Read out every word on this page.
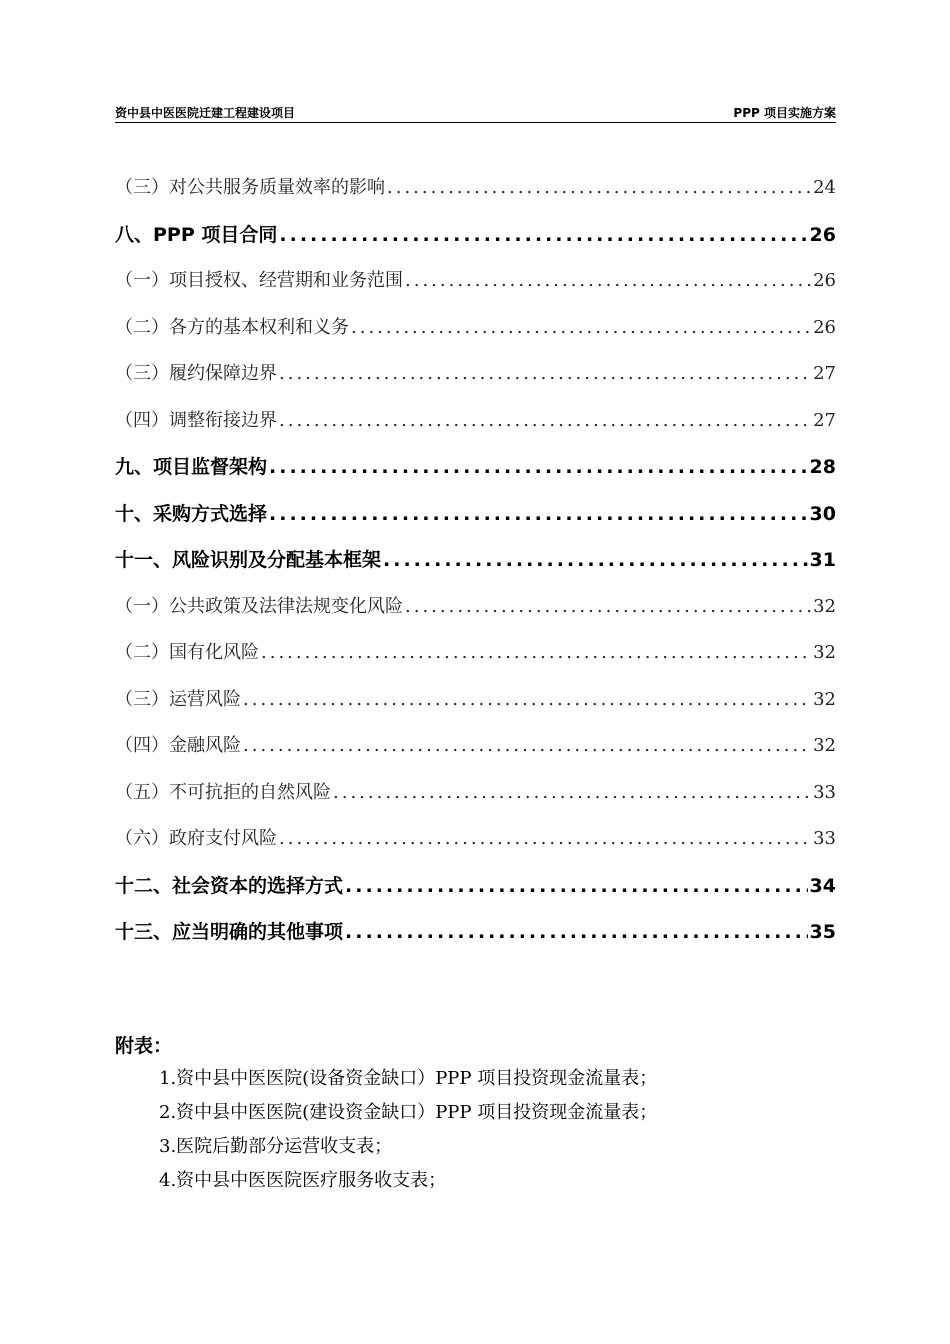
资中县中医医院迁建工程建设项目	PPP 项目实施方案
（三）对公共服务质量效率的影响 .....	24
八、PPP 项目合同 .....	26
（一）项目授权、经营期和业务范围 .....	26
（二）各方的基本权利和义务 .....	26
（三）履约保障边界 .....	27
（四）调整衔接边界 .....	27
九、项目监督架构 .....	28
十、采购方式选择 .....	30
十一、风险识别及分配基本框架 .....	31
（一）公共政策及法律法规变化风险 .....	32
（二）国有化风险 .....	32
（三）运营风险 .....	32
（四）金融风险 .....	32
（五）不可抗拒的自然风险 .....	33
（六）政府支付风险 .....	33
十二、社会资本的选择方式 .....	34
十三、应当明确的其他事项 .....	35
附表：
1.资中县中医医院(设备资金缺口）PPP 项目投资现金流量表；
2.资中县中医医院(建设资金缺口）PPP 项目投资现金流量表；
3.医院后勤部分运营收支表；
4.资中县中医医院医疗服务收支表；
